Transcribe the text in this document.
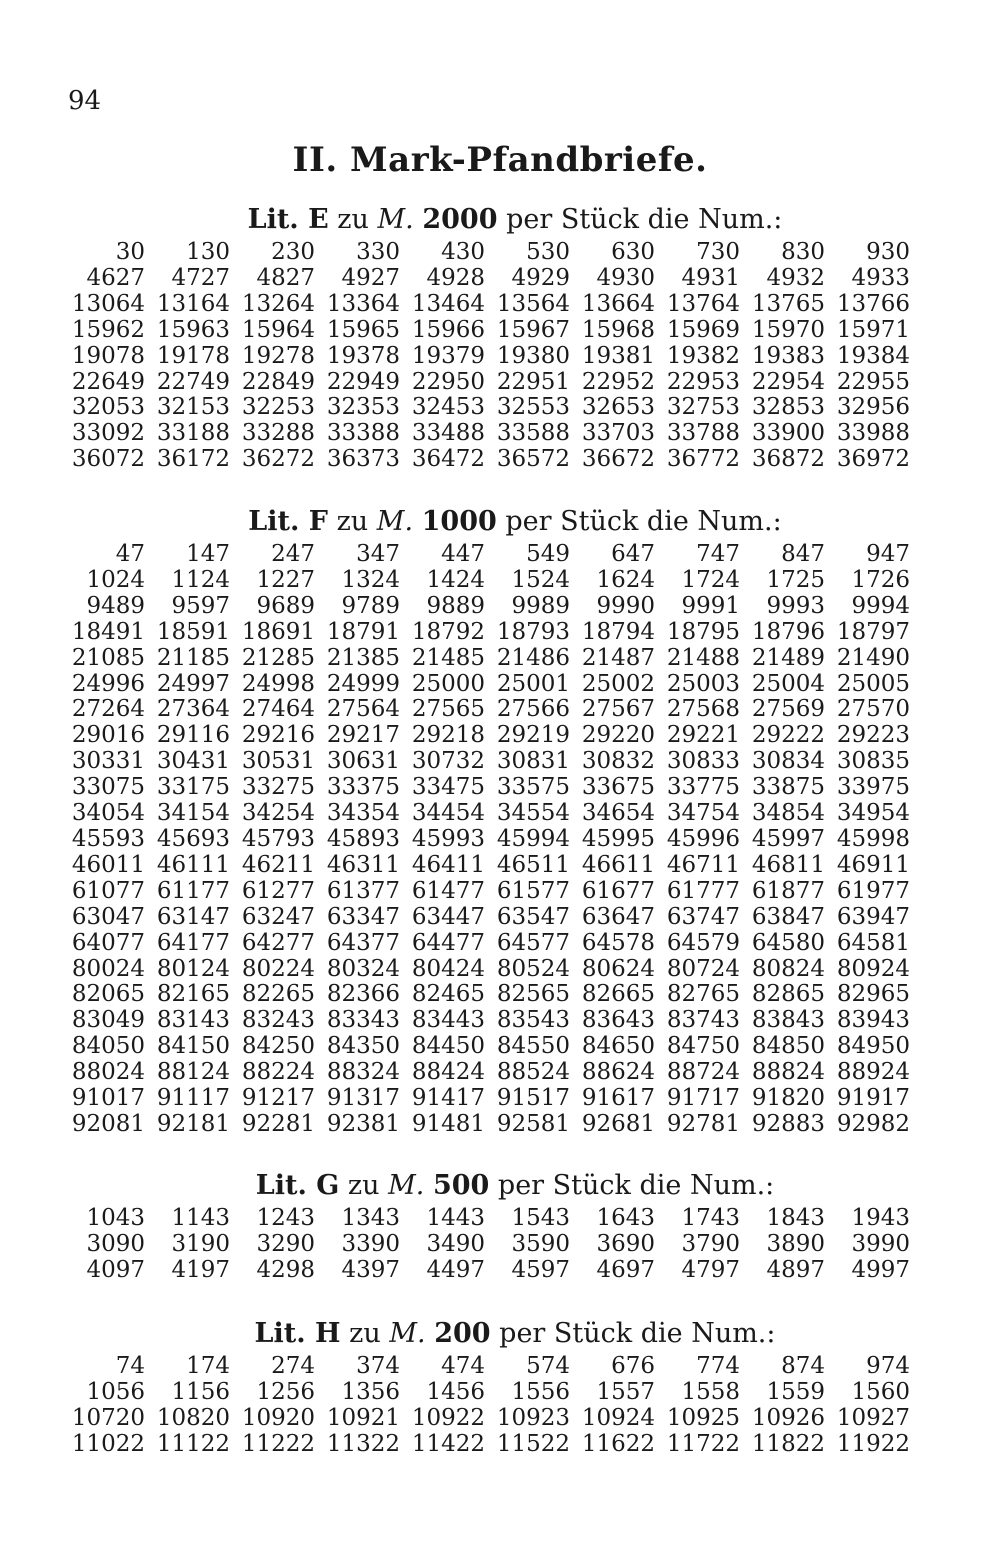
94
II. Mark-Pfandbriefe.
Lit. E zu M. 2000 per Stück die Num.:
30	130	230	330	430	530	630	730	830	930
4627	4727	4827	4927	4928	4929	4930	4931	4932	4933
13064 13164 13264 13364 13464 13564 13664 13764 13765 13766
15962 15963 15964 15965 15966 15967 15968 15969 15970 15971
19078 19178 19278 19378 19379 19380 19381 19382 19383 19384
22649 22749 22849 22949 22950 22951 22952 22953 22954 22955
32053 32153 32253 32353 32453 32553 32653 32753 32853 32956
33092 33188 33288 33388 33488 33588 33703 33788 33900 33988
36072 36172 36272 36373 36472 36572 36672 36772 36872 36972
Lit. F zu M. 1000 per Stück die Num.:
47	147	247	347	447	549	647	747	847	947
1024	1124	1227	1324	1424	1524	1624	1724	1725	1726
9489	9597	9689	9789	9889	9989	9990	9991	9993	9994
18491 18591 18691 18791 18792 18793 18794 18795 18796 18797
21085 21185 21285 21385 21485 21486 21487 21488 21489 21490
24996 24997 24998 24999 25000 25001 25002 25003 25004 25005
27264 27364 27464 27564 27565 27566 27567 27568 27569 27570
29016 29116 29216 29217 29218 29219 29220 29221 29222 29223
30331 30431 30531 30631 30732 30831 30832 30833 30834 30835
33075 33175 33275 33375 33475 33575 33675 33775 33875 33975
34054 34154 34254 34354 34454 34554 34654 34754 34854 34954
45593 45693 45793 45893 45993 45994 45995 45996 45997 45998
46011 46111 46211 46311 46411 46511 46611 46711 46811 46911
61077 61177 61277 61377 61477 61577 61677 61777 61877 61977
63047 63147 63247 63347 63447 63547 63647 63747 63847 63947
64077 64177 64277 64377 64477 64577 64578 64579 64580 64581
80024 80124 80224 80324 80424 80524 80624 80724 80824 80924
82065 82165 82265 82366 82465 82565 82665 82765 82865 82965
83049 83143 83243 83343 83443 83543 83643 83743 83843 83943
84050 84150 84250 84350 84450 84550 84650 84750 84850 84950
88024 88124 88224 88324 88424 88524 88624 88724 88824 88924
91017 91117 91217 91317 91417 91517 91617 91717 91820 91917
92081 92181 92281 92381 91481 92581 92681 92781 92883 92982
Lit. G zu M. 500 per Stück die Num.:
1043	1143	1243	1343	1443	1543	1643	1743	1843	1943
3090	3190	3290	3390	3490	3590	3690	3790	3890	3990
4097	4197	4298	4397	4497	4597	4697	4797	4897	4997
Lit. H zu M. 200 per Stück die Num.:
74	174	274	374	474	574	676	774	874	974
1056	1156	1256	1356	1456	1556	1557	1558	1559	1560
10720 10820 10920 10921 10922 10923 10924 10925 10926 10927
11022 11122 11222 11322 11422 11522 11622 11722 11822 11922
